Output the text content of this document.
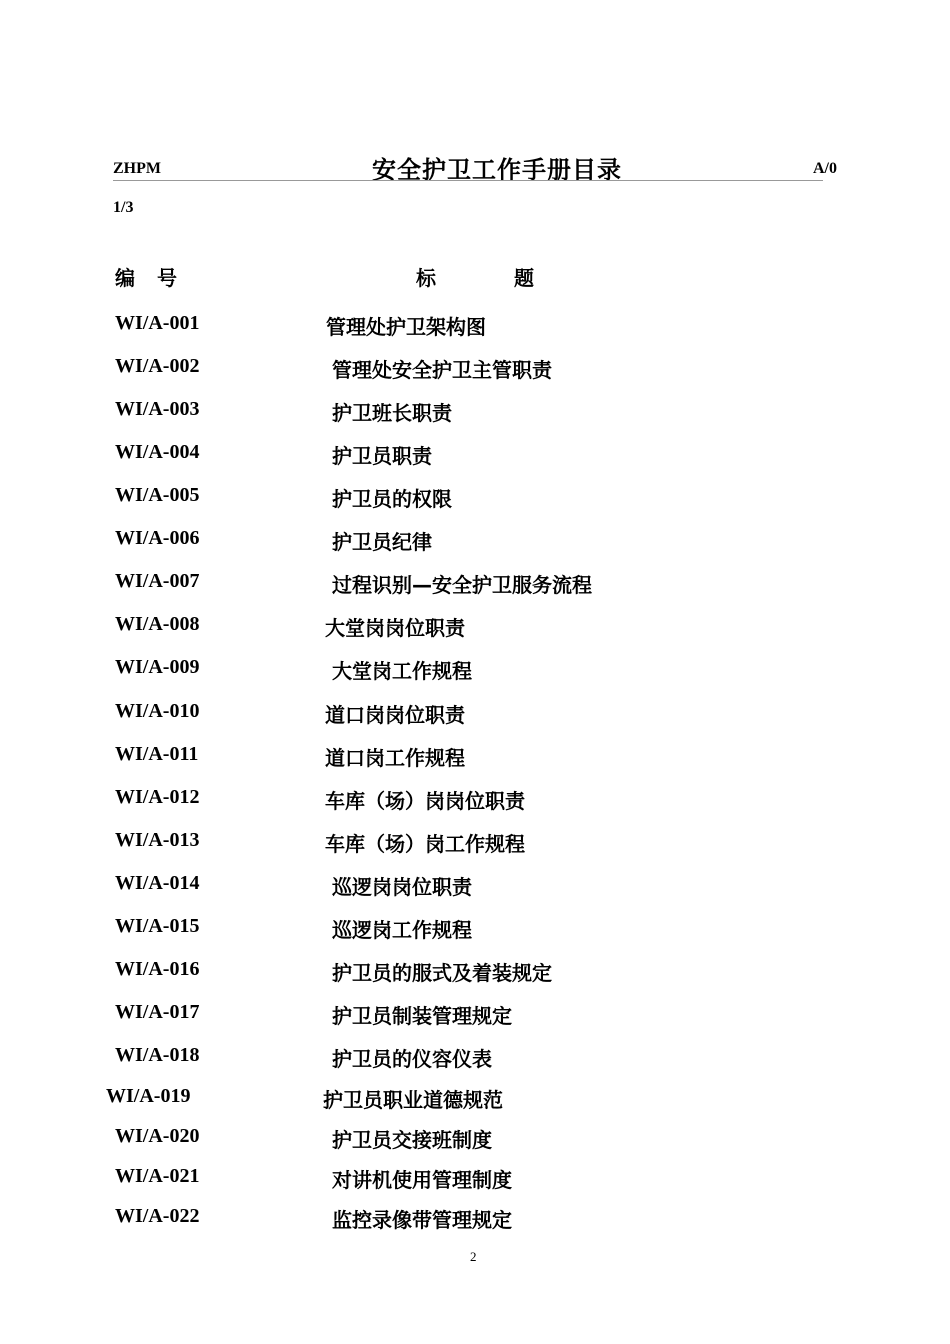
ZHPM	安全护卫工作手册目录	A/0
1/3
编号	标题
WI/A-001	管理处护卫架构图
WI/A-002	管理处安全护卫主管职责
WI/A-003	护卫班长职责
WI/A-004	护卫员职责
WI/A-005	护卫员的权限
WI/A-006	护卫员纪律
WI/A-007	过程识别—安全护卫服务流程
WI/A-008	大堂岗岗位职责
WI/A-009	大堂岗工作规程
WI/A-010	道口岗岗位职责
WI/A-011	道口岗工作规程
WI/A-012	车库（场）岗岗位职责
WI/A-013	车库（场）岗工作规程
WI/A-014	巡逻岗岗位职责
WI/A-015	巡逻岗工作规程
WI/A-016	护卫员的服式及着装规定
WI/A-017	护卫员制装管理规定
WI/A-018	护卫员的仪容仪表
WI/A-019	护卫员职业道德规范
WI/A-020	护卫员交接班制度
WI/A-021	对讲机使用管理制度
WI/A-022	监控录像带管理规定
2
